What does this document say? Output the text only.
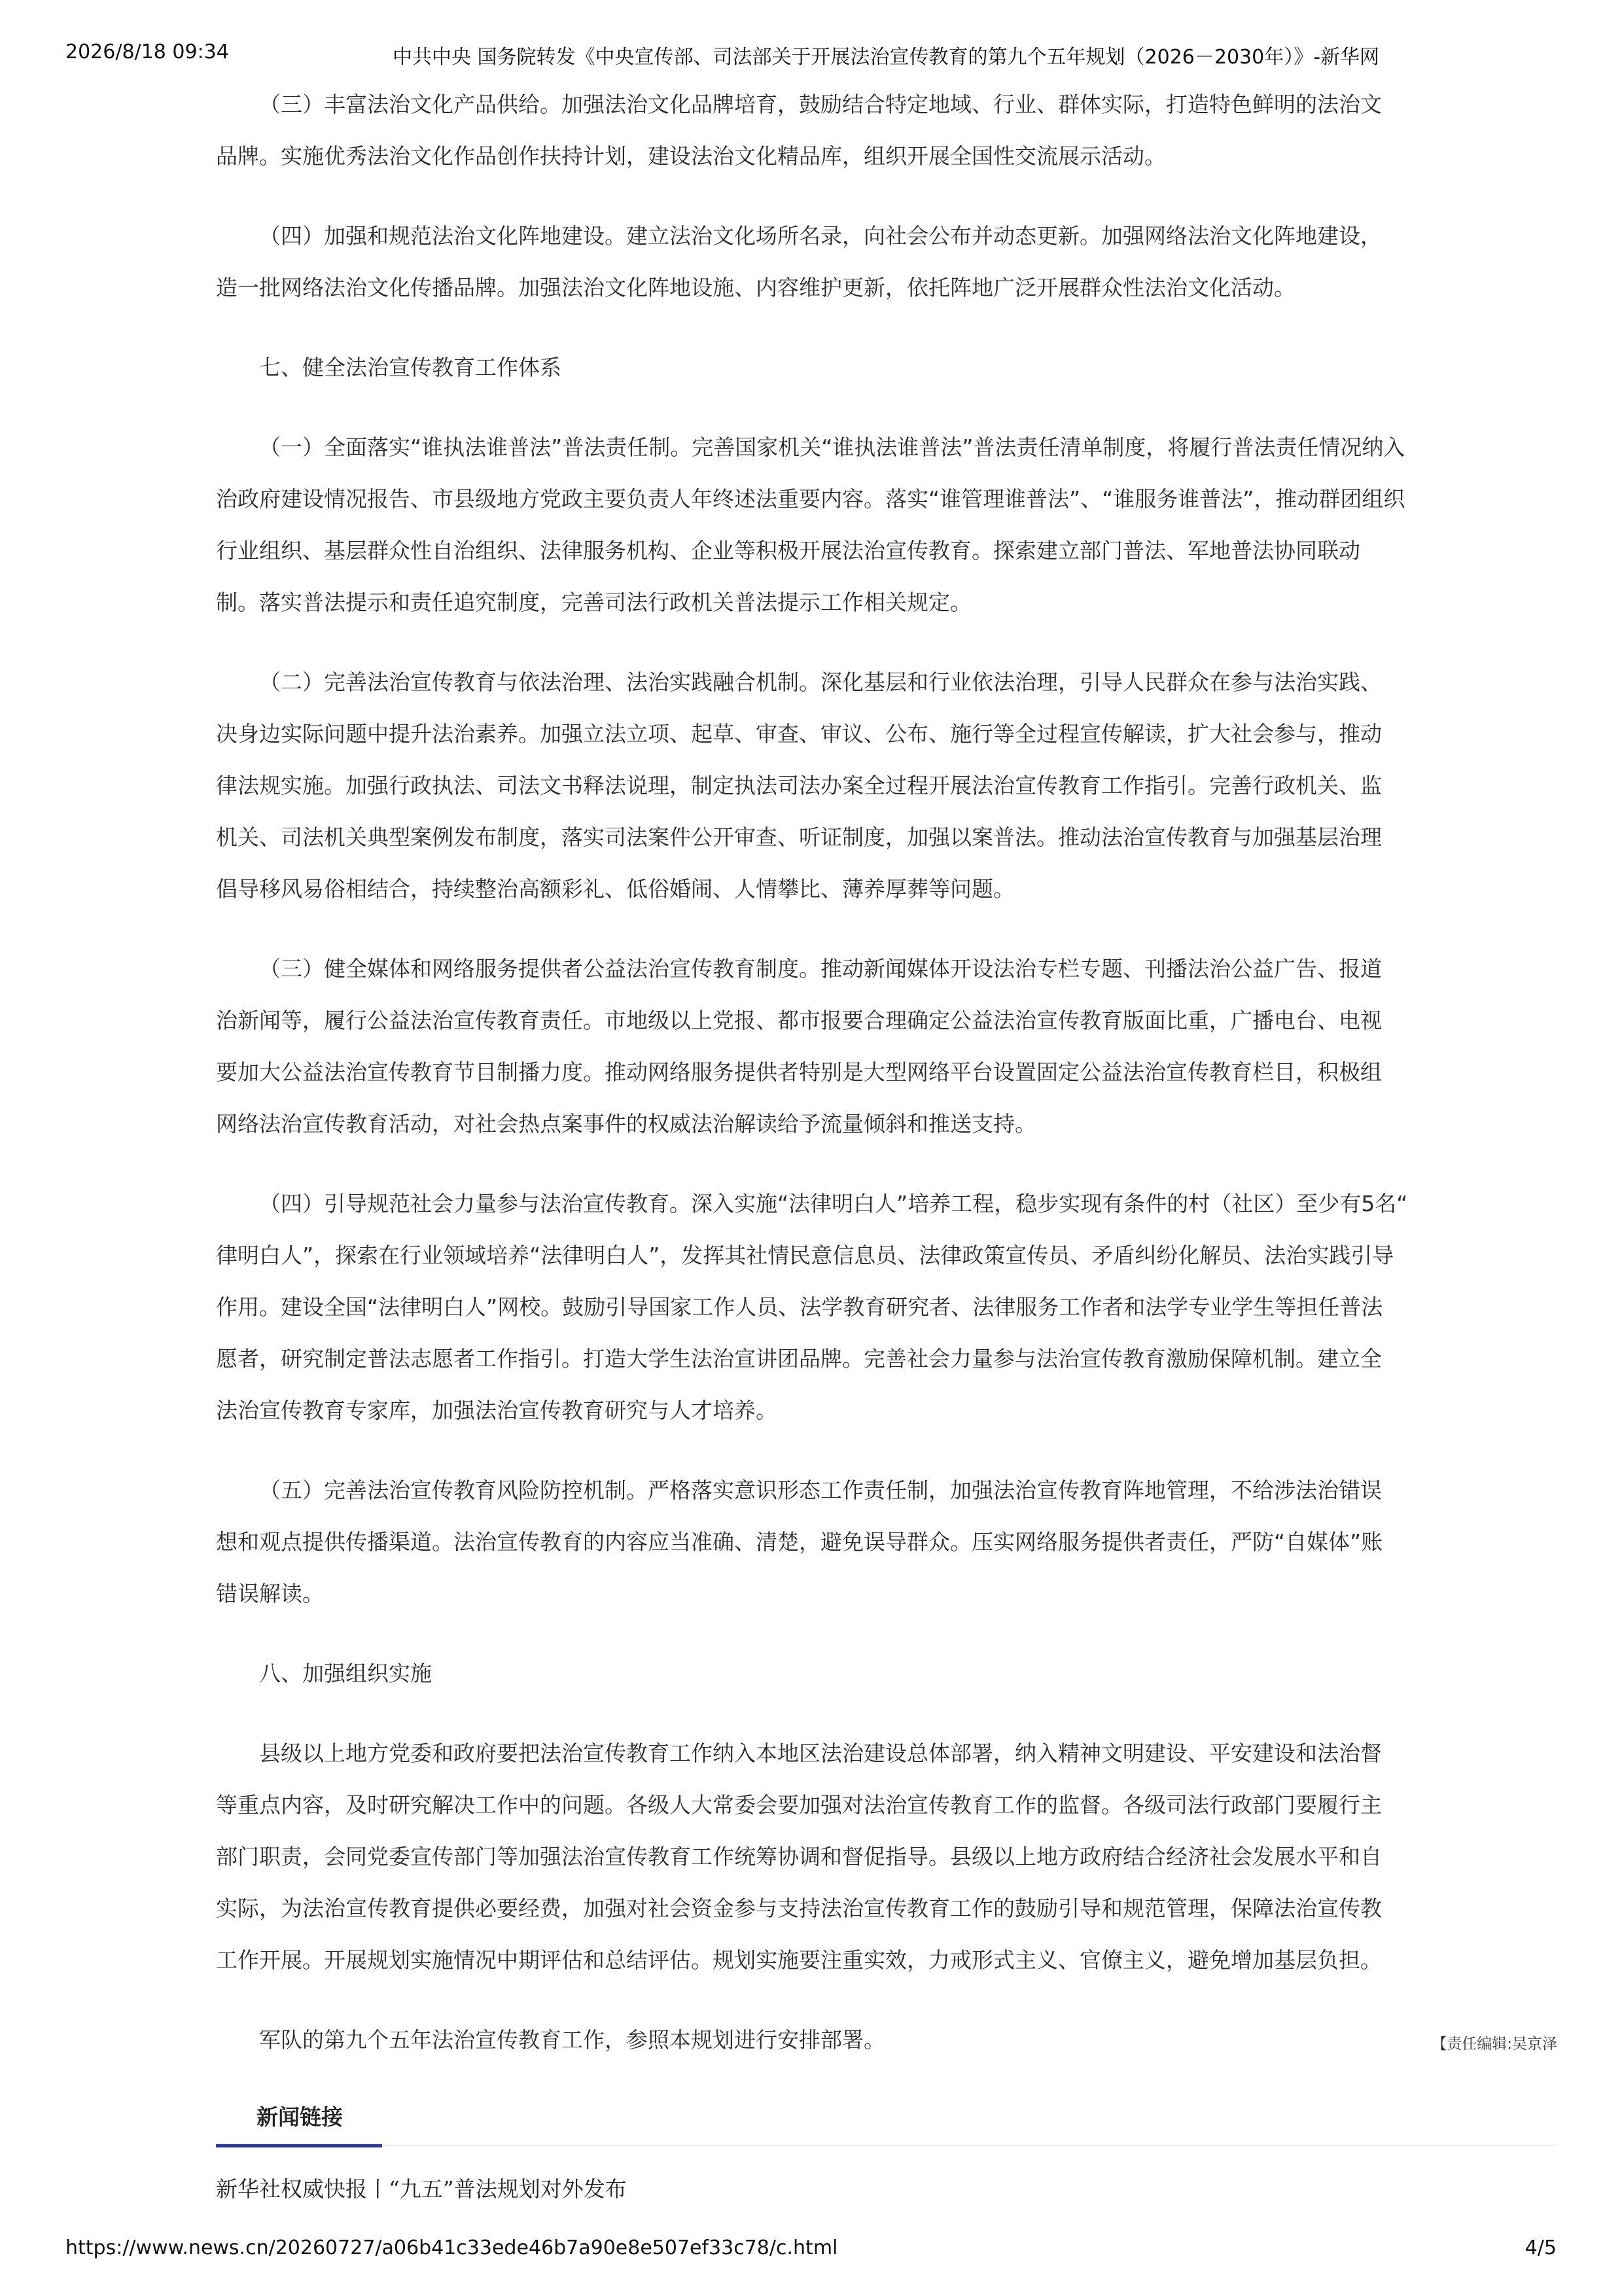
2026/8/18 09:34	中共中央 国务院转发《中央宣传部、司法部关于开展法治宣传教育的第九个五年规划（2026－2030年）》-新华网
（三）丰富法治文化产品供给。加强法治文化品牌培育，鼓励结合特定地域、行业、群体实际，打造特色鲜明的法治文
品牌。实施优秀法治文化作品创作扶持计划，建设法治文化精品库，组织开展全国性交流展示活动。
（四）加强和规范法治文化阵地建设。建立法治文化场所名录，向社会公布并动态更新。加强网络法治文化阵地建设，
造一批网络法治文化传播品牌。加强法治文化阵地设施、内容维护更新，依托阵地广泛开展群众性法治文化活动。
七、健全法治宣传教育工作体系
（一）全面落实“谁执法谁普法”普法责任制。完善国家机关“谁执法谁普法”普法责任清单制度，将履行普法责任情况纳入
治政府建设情况报告、市县级地方党政主要负责人年终述法重要内容。落实“谁管理谁普法”、“谁服务谁普法”，推动群团组织
行业组织、基层群众性自治组织、法律服务机构、企业等积极开展法治宣传教育。探索建立部门普法、军地普法协同联动
制。落实普法提示和责任追究制度，完善司法行政机关普法提示工作相关规定。
（二）完善法治宣传教育与依法治理、法治实践融合机制。深化基层和行业依法治理，引导人民群众在参与法治实践、
决身边实际问题中提升法治素养。加强立法立项、起草、审查、审议、公布、施行等全过程宣传解读，扩大社会参与，推动
律法规实施。加强行政执法、司法文书释法说理，制定执法司法办案全过程开展法治宣传教育工作指引。完善行政机关、监
机关、司法机关典型案例发布制度，落实司法案件公开审查、听证制度，加强以案普法。推动法治宣传教育与加强基层治理
倡导移风易俗相结合，持续整治高额彩礼、低俗婚闹、人情攀比、薄养厚葬等问题。
（三）健全媒体和网络服务提供者公益法治宣传教育制度。推动新闻媒体开设法治专栏专题、刊播法治公益广告、报道
治新闻等，履行公益法治宣传教育责任。市地级以上党报、都市报要合理确定公益法治宣传教育版面比重，广播电台、电视
要加大公益法治宣传教育节目制播力度。推动网络服务提供者特别是大型网络平台设置固定公益法治宣传教育栏目，积极组
网络法治宣传教育活动，对社会热点案事件的权威法治解读给予流量倾斜和推送支持。
（四）引导规范社会力量参与法治宣传教育。深入实施“法律明白人”培养工程，稳步实现有条件的村（社区）至少有5名“
律明白人”，探索在行业领域培养“法律明白人”，发挥其社情民意信息员、法律政策宣传员、矛盾纠纷化解员、法治实践引导
作用。建设全国“法律明白人”网校。鼓励引导国家工作人员、法学教育研究者、法律服务工作者和法学专业学生等担任普法
愿者，研究制定普法志愿者工作指引。打造大学生法治宣讲团品牌。完善社会力量参与法治宣传教育激励保障机制。建立全
法治宣传教育专家库，加强法治宣传教育研究与人才培养。
（五）完善法治宣传教育风险防控机制。严格落实意识形态工作责任制，加强法治宣传教育阵地管理，不给涉法治错误
想和观点提供传播渠道。法治宣传教育的内容应当准确、清楚，避免误导群众。压实网络服务提供者责任，严防“自媒体”账
错误解读。
八、加强组织实施
县级以上地方党委和政府要把法治宣传教育工作纳入本地区法治建设总体部署，纳入精神文明建设、平安建设和法治督
等重点内容，及时研究解决工作中的问题。各级人大常委会要加强对法治宣传教育工作的监督。各级司法行政部门要履行主
部门职责，会同党委宣传部门等加强法治宣传教育工作统筹协调和督促指导。县级以上地方政府结合经济社会发展水平和自
实际，为法治宣传教育提供必要经费，加强对社会资金参与支持法治宣传教育工作的鼓励引导和规范管理，保障法治宣传教
工作开展。开展规划实施情况中期评估和总结评估。规划实施要注重实效，力戒形式主义、官僚主义，避免增加基层负担。
军队的第九个五年法治宣传教育工作，参照本规划进行安排部署。	【责任编辑:吴京泽
新闻链接
新华社权威快报丨“九五”普法规划对外发布
https://www.news.cn/20260727/a06b41c33ede46b7a90e8e507ef33c78/c.html	4/5
